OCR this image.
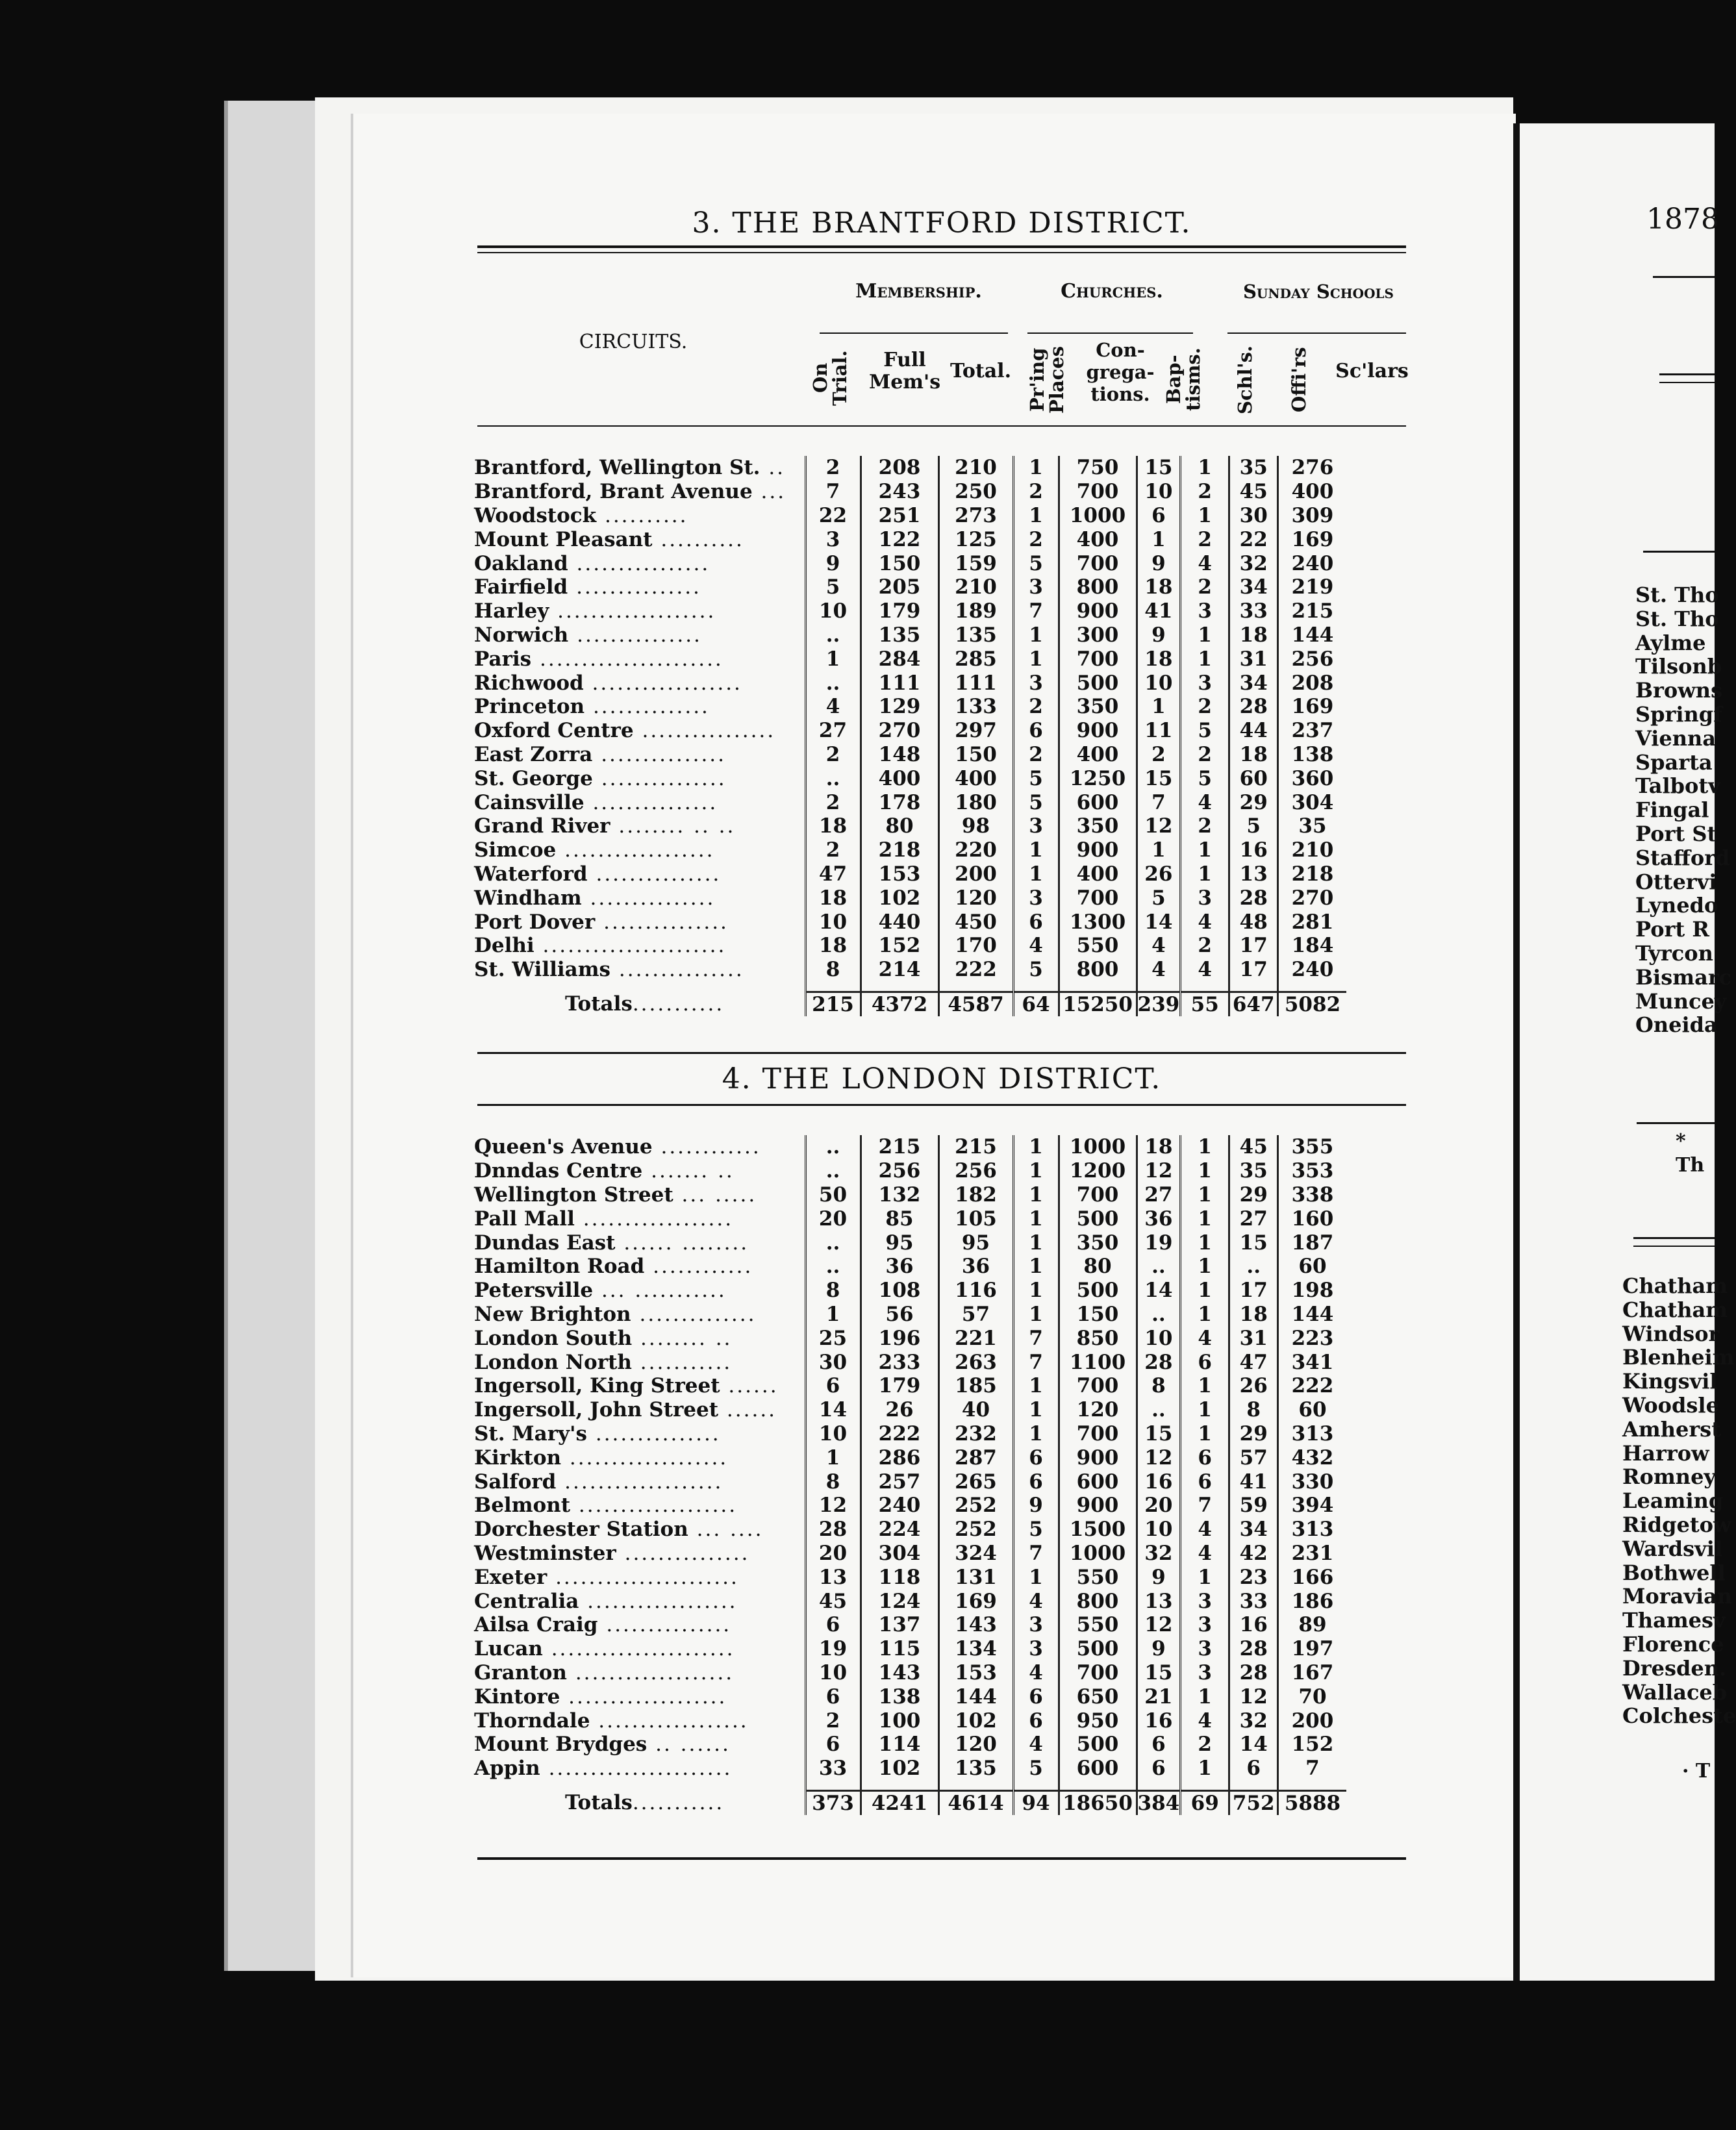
1878
St. Tho
St. Tho
Aylme
Tilsonb
Browns
Springf
Vienna
Sparta
Talbotv
Fingal
Port St
Stafford
Ottervi
Lynedo
Port R
Tyrcon
Bismarc
Muncey
Oneida
* Th
Chatham
Chatham
Windsor
Blenheim
Kingsvil
Woodsle
Amherst
Harrow
Romney
Leaming
Ridgetow
Wardsvil
Bothwell
Moravian
Thamesv
Florence
Dresden.
Wallaceb
Colcheste
· T
3. THE BRANTFORD DISTRICT.
CIRCUITS.
Membership.	Churches.	Sunday Schools
On Trial.	Full Mem's Total. Pr'ing Places	Con- grega- tions. Bap- tisms. Schl's. Offi'rs Sc'lars
Brantford, Wellington St. ..	2	208	210	1	750	15	1	35	276
Brantford, Brant Avenue ...	7	243	250	2	700	10	2	45	400
Woodstock ..........	22	251	273	1	1000	6	1	30	309
Mount Pleasant ..........	3	122	125	2	400	1	2	22	169
Oakland ................	9	150	159	5	700	9	4	32	240
Fairfield ...............	5	205	210	3	800	18	2	34	219
Harley ...................	10	179	189	7	900	41	3	33	215
Norwich ...............	..	135	135	1	300	9	1	18	144
Paris ......................	1	284	285	1	700	18	1	31	256
Richwood ..................	..	111	111	3	500	10	3	34	208
Princeton ..............	4	129	133	2	350	1	2	28	169
Oxford Centre ................	27	270	297	6	900	11	5	44	237
East Zorra ...............	2	148	150	2	400	2	2	18	138
St. George ...............	..	400	400	5	1250	15	5	60	360
Cainsville ...............	2	178	180	5	600	7	4	29	304
Grand River ........ .. ..	18	80	98	3	350	12	2	5	35
Simcoe ..................	2	218	220	1	900	1	1	16	210
Waterford ...............	47	153	200	1	400	26	1	13	218
Windham ...............	18	102	120	3	700	5	3	28	270
Port Dover ...............	10	440	450	6	1300	14	4	48	281
Delhi ......................	18	152	170	4	550	4	2	17	184
St. Williams ...............	8	214	222	5	800	4	4	17	240

Totals...........	215	4372	4587	64	15250	239	55	647	5082
4. THE LONDON DISTRICT.
Queen's Avenue ............	..	215	215	1	1000	18	1	45	355
Dnndas Centre ....... ..	..	256	256	1	1200	12	1	35	353
Wellington Street ... .....	50	132	182	1	700	27	1	29	338
Pall Mall ..................	20	85	105	1	500	36	1	27	160
Dundas East ...... ........	..	95	95	1	350	19	1	15	187
Hamilton Road ............	..	36	36	1	80	..	1	..	60
Petersville ... ...........	8	108	116	1	500	14	1	17	198
New Brighton ..............	1	56	57	1	150	..	1	18	144
London South ........ ..	25	196	221	7	850	10	4	31	223
London North ...........	30	233	263	7	1100	28	6	47	341
Ingersoll, King Street ......	6	179	185	1	700	8	1	26	222
Ingersoll, John Street ......	14	26	40	1	120	..	1	8	60
St. Mary's ...............	10	222	232	1	700	15	1	29	313
Kirkton ...................	1	286	287	6	900	12	6	57	432
Salford ...................	8	257	265	6	600	16	6	41	330
Belmont ...................	12	240	252	9	900	20	7	59	394
Dorchester Station ... ....	28	224	252	5	1500	10	4	34	313
Westminster ...............	20	304	324	7	1000	32	4	42	231
Exeter ......................	13	118	131	1	550	9	1	23	166
Centralia ..................	45	124	169	4	800	13	3	33	186
Ailsa Craig ...............	6	137	143	3	550	12	3	16	89
Lucan ......................	19	115	134	3	500	9	3	28	197
Granton ...................	10	143	153	4	700	15	3	28	167
Kintore ...................	6	138	144	6	650	21	1	12	70
Thorndale ..................	2	100	102	6	950	16	4	32	200
Mount Brydges .. ......	6	114	120	4	500	6	2	14	152
Appin ......................	33	102	135	5	600	6	1	6	7

Totals...........	373	4241	4614	94	18650	384	69	752	5888
